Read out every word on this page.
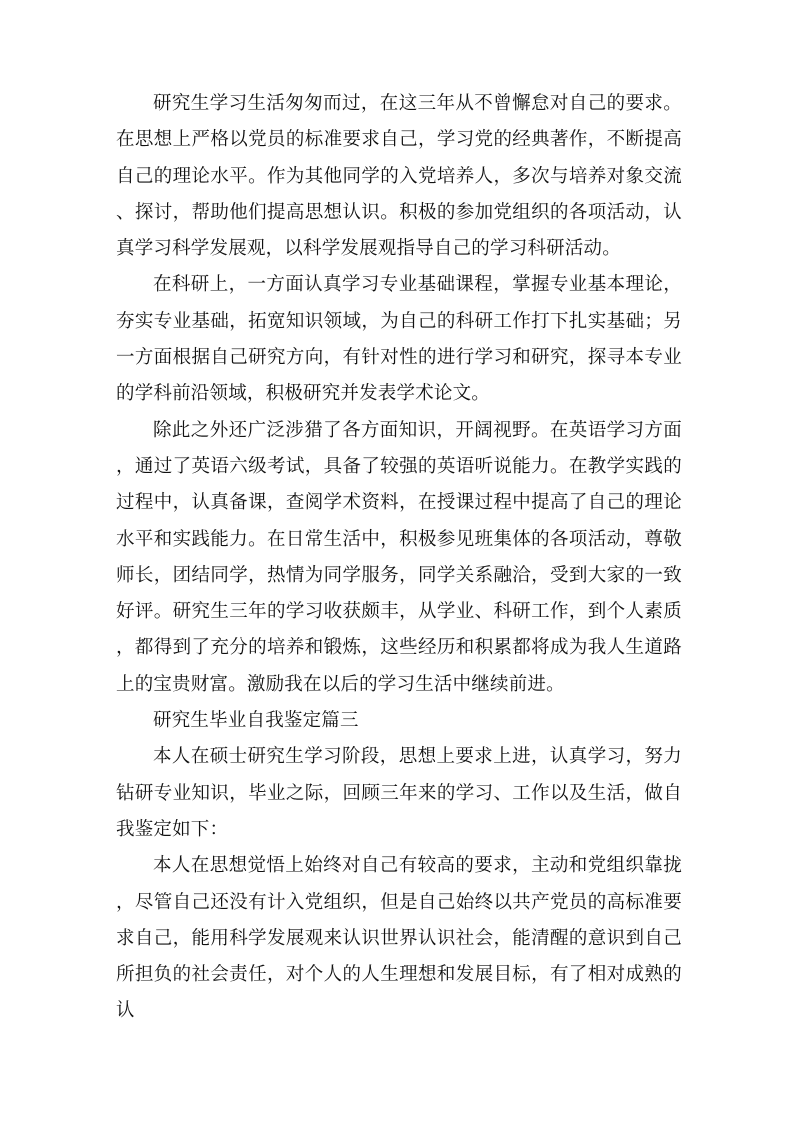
研究生学习生活匆匆而过，在这三年从不曾懈怠对自己的要求。在思想上严格以党员的标准要求自己，学习党的经典著作，不断提高自己的理论水平。作为其他同学的入党培养人，多次与培养对象交流、探讨，帮助他们提高思想认识。积极的参加党组织的各项活动，认真学习科学发展观，以科学发展观指导自己的学习科研活动。

在科研上，一方面认真学习专业基础课程，掌握专业基本理论，夯实专业基础，拓宽知识领域，为自己的科研工作打下扎实基础；另一方面根据自己研究方向，有针对性的进行学习和研究，探寻本专业的学科前沿领域，积极研究并发表学术论文。

除此之外还广泛涉猎了各方面知识，开阔视野。在英语学习方面，通过了英语六级考试，具备了较强的英语听说能力。在教学实践的过程中，认真备课，查阅学术资料，在授课过程中提高了自己的理论水平和实践能力。在日常生活中，积极参见班集体的各项活动，尊敬师长，团结同学，热情为同学服务，同学关系融洽，受到大家的一致好评。研究生三年的学习收获颇丰，从学业、科研工作，到个人素质，都得到了充分的培养和锻炼，这些经历和积累都将成为我人生道路上的宝贵财富。激励我在以后的学习生活中继续前进。

研究生毕业自我鉴定篇三

本人在硕士研究生学习阶段，思想上要求上进，认真学习，努力钻研专业知识，毕业之际，回顾三年来的学习、工作以及生活，做自我鉴定如下：

本人在思想觉悟上始终对自己有较高的要求，主动和党组织靠拢，尽管自己还没有计入党组织，但是自己始终以共产党员的高标准要求自己，能用科学发展观来认识世界认识社会，能清醒的意识到自己所担负的社会责任，对个人的人生理想和发展目标，有了相对成熟的认
